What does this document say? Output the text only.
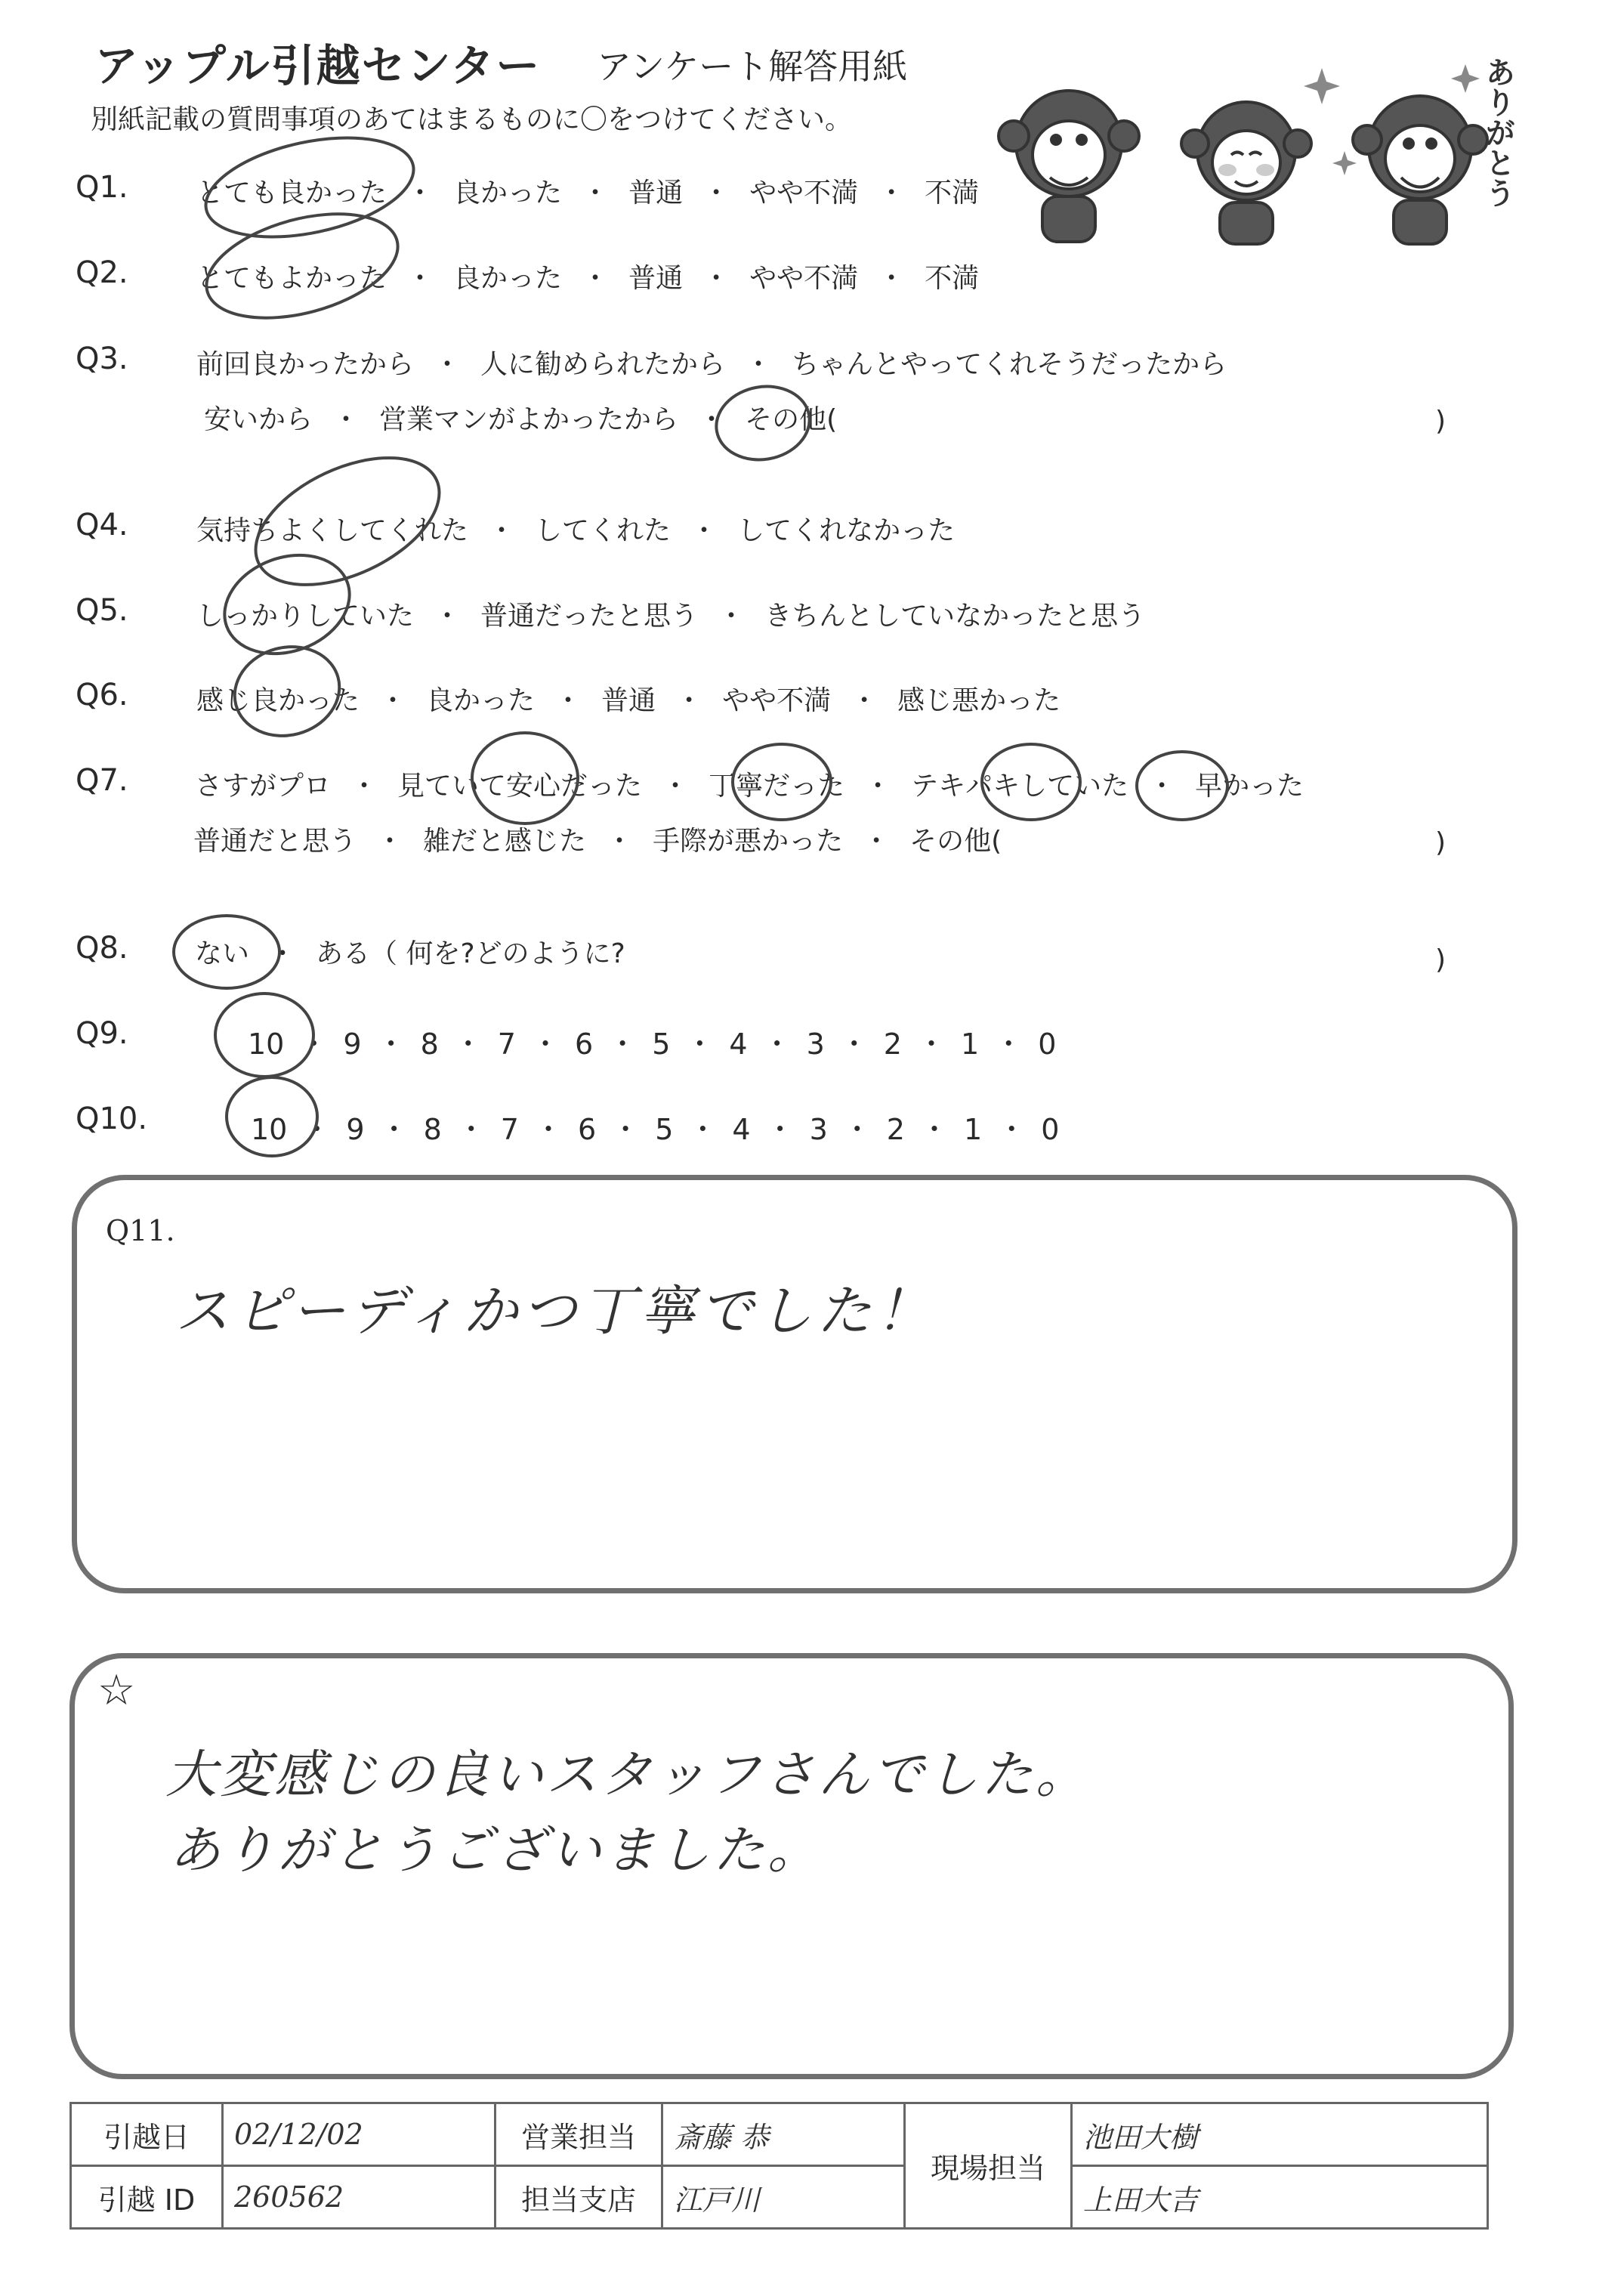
アップル引越センター アンケート解答用紙
別紙記載の質問事項のあてはまるものに〇をつけてください。	ありがとう
Q1.	とても良かった ・ 良かった ・ 普通 ・ やや不満 ・ 不満
Q2.	とてもよかった ・ 良かった ・ 普通 ・ やや不満 ・ 不満
Q3.	前回良かったから ・ 人に勧められたから ・ ちゃんとやってくれそうだったから
安いから ・ 営業マンがよかったから ・ その他(	)
Q4.	気持ちよくしてくれた ・ してくれた ・ してくれなかった
Q5.	しっかりしていた ・ 普通だったと思う ・ きちんとしていなかったと思う
Q6.	感じ良かった ・ 良かった ・ 普通 ・ やや不満 ・ 感じ悪かった
Q7. さすがプロ ・ 見ていて安心だった ・ 丁寧だった ・ テキパキしていた ・ 早かった
普通だと思う ・ 雑だと感じた ・ 手際が悪かった ・ その他(	)
Q8. ない ・ ある（ 何を?どのように?	)
Q9.	10 ・ 9 ・ 8 ・ 7 ・ 6 ・ 5 ・ 4 ・ 3 ・ 2 ・ 1 ・ 0
Q10.	10 ・ 9 ・ 8 ・ 7 ・ 6 ・ 5 ・ 4 ・ 3 ・ 2 ・ 1 ・ 0
Q11.
スピーディかつ丁寧でした！
☆
大変感じの良いスタッフさんでした。
ありがとうございました。
引越日	02/12/02	営業担当	斎藤 恭	現場担当	池田大樹
引越 ID	260562	担当支店	江戸川		上田大吉
